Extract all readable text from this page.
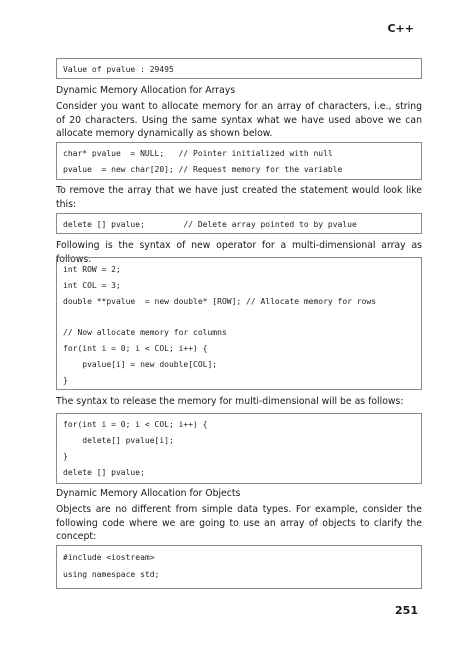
C++
Value of pvalue : 29495
Dynamic Memory Allocation for Arrays
Consider you want to allocate memory for an array of characters, i.e., string of 20 characters. Using the same syntax what we have used above we can allocate memory dynamically as shown below.
char* pvalue  = NULL;   // Pointer initialized with null
pvalue  = new char[20]; // Request memory for the variable
To remove the array that we have just created the statement would look like this:
delete [] pvalue;        // Delete array pointed to by pvalue
Following is the syntax of new operator for a multi-dimensional array as follows:
int ROW = 2;
int COL = 3;
double **pvalue  = new double* [ROW]; // Allocate memory for rows
// Now allocate memory for columns
for(int i = 0; i < COL; i++) {
pvalue[i] = new double[COL];
}
The syntax to release the memory for multi-dimensional will be as follows:
for(int i = 0; i < COL; i++) {
delete[] pvalue[i];
}
delete [] pvalue;
Dynamic Memory Allocation for Objects
Objects are no different from simple data types. For example, consider the following code where we are going to use an array of objects to clarify the concept:
#include <iostream>
using namespace std;
251
